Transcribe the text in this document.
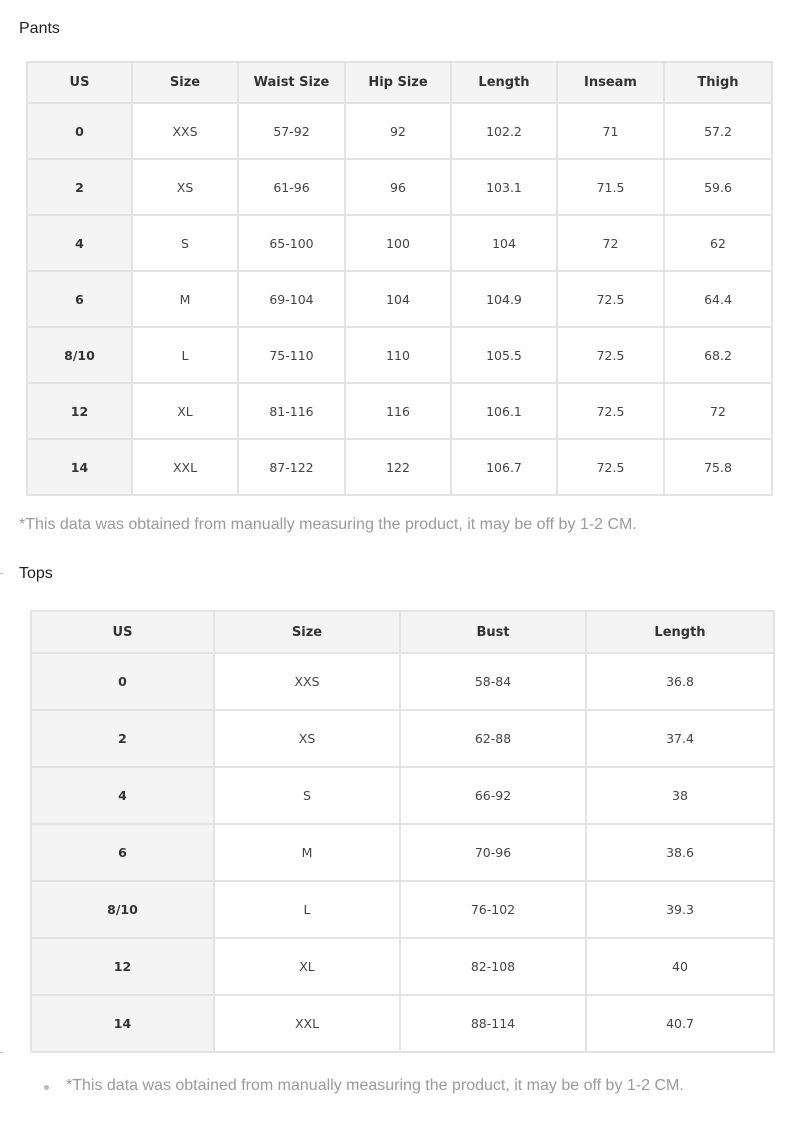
Pants
US	Size	Waist Size	Hip Size	Length	Inseam	Thigh
0	XXS	57-92	92	102.2	71	57.2
2	XS	61-96	96	103.1	71.5	59.6
4	S	65-100	100	104	72	62
6	M	69-104	104	104.9	72.5	64.4
8/10	L	75-110	110	105.5	72.5	68.2
12	XL	81-116	116	106.1	72.5	72
14	XXL	87-122	122	106.7	72.5	75.8
*This data was obtained from manually measuring the product, it may be off by 1-2 CM.
Tops
US	Size	Bust	Length
0	XXS	58-84	36.8
2	XS	62-88	37.4
4	S	66-92	38
6	M	70-96	38.6
8/10	L	76-102	39.3
12	XL	82-108	40
14	XXL	88-114	40.7
*This data was obtained from manually measuring the product, it may be off by 1-2 CM.
